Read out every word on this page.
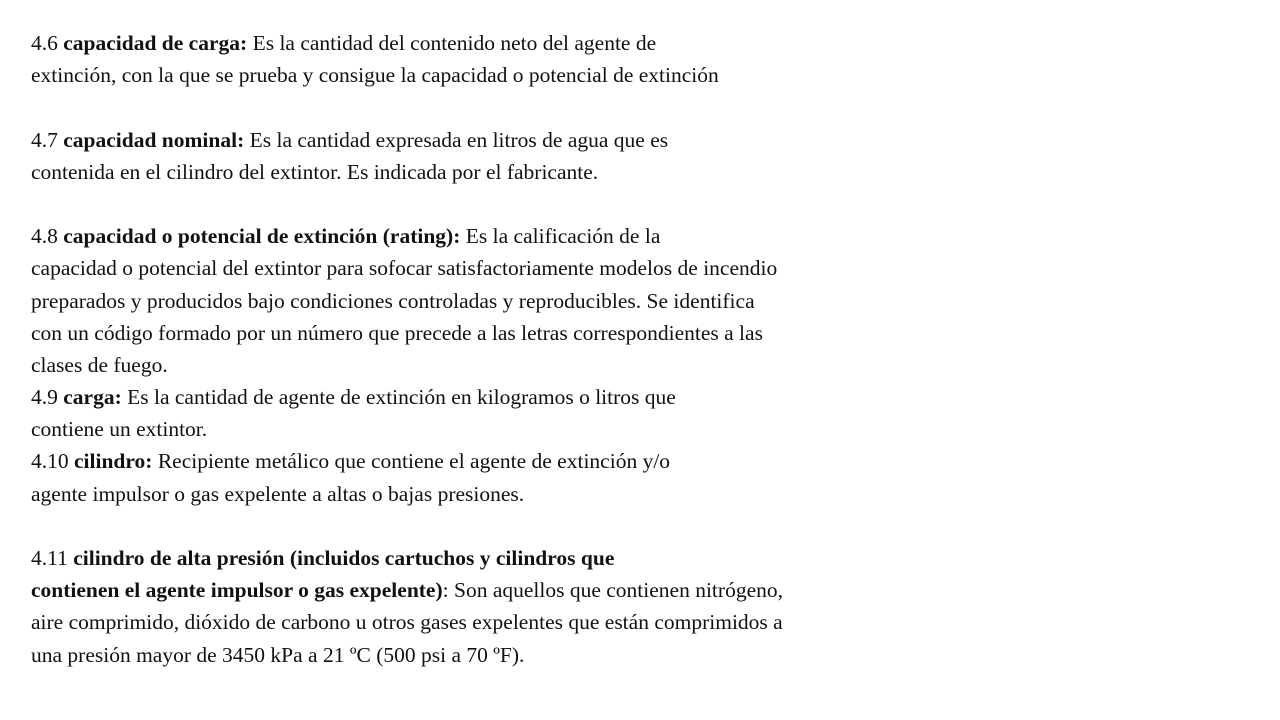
4.6 capacidad de carga: Es la cantidad del contenido neto del agente de
extinción, con la que se prueba y consigue la capacidad o potencial de extinción
4.7 capacidad nominal: Es la cantidad expresada en litros de agua que es
contenida en el cilindro del extintor. Es indicada por el fabricante.
4.8 capacidad o potencial de extinción (rating): Es la calificación de la
capacidad o potencial del extintor para sofocar satisfactoriamente modelos de incendio
preparados y producidos bajo condiciones controladas y reproducibles. Se identifica
con un código formado por un número que precede a las letras correspondientes a las
clases de fuego.
4.9 carga: Es la cantidad de agente de extinción en kilogramos o litros que
contiene un extintor.
4.10 cilindro: Recipiente metálico que contiene el agente de extinción y/o
agente impulsor o gas expelente a altas o bajas presiones.
4.11 cilindro de alta presión (incluidos cartuchos y cilindros que
contienen el agente impulsor o gas expelente): Son aquellos que contienen nitrógeno,
aire comprimido, dióxido de carbono u otros gases expelentes que están comprimidos a
una presión mayor de 3450 kPa a 21 ºC (500 psi a 70 ºF).
